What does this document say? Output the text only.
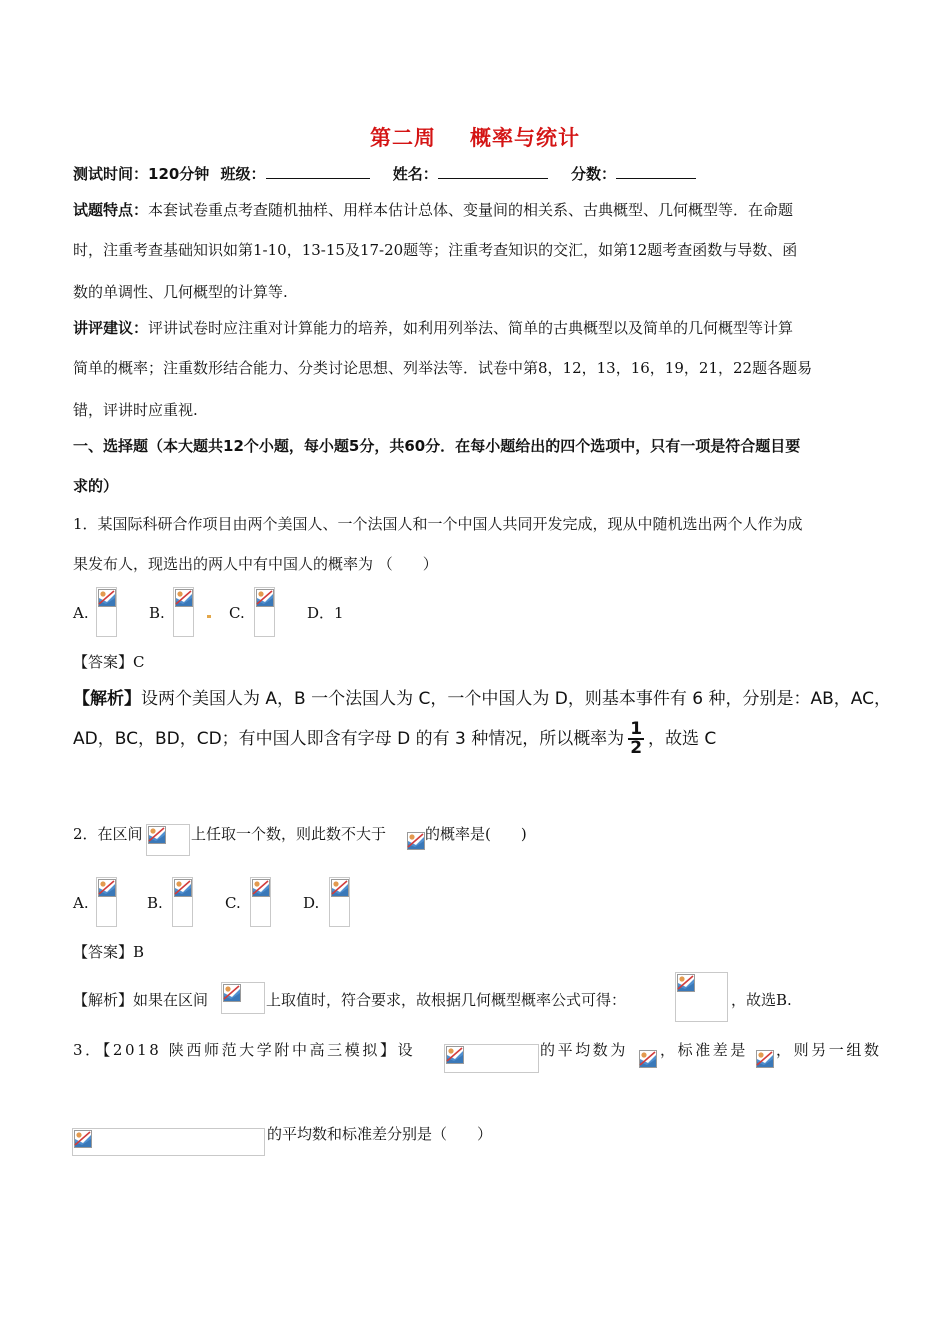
第二周 概率与统计
测试时间：120分钟 班级：	姓名：	分数：
试题特点：本套试卷重点考查随机抽样、用样本估计总体、变量间的相关系、古典概型、几何概型等．在命题
时，注重考查基础知识如第1-10，13-15及17-20题等；注重考查知识的交汇，如第12题考查函数与导数、函
数的单调性、几何概型的计算等.
讲评建议：评讲试卷时应注重对计算能力的培养，如利用列举法、简单的古典概型以及简单的几何概型等计算
简单的概率；注重数形结合能力、分类讨论思想、列举法等．试卷中第8，12，13，16，19，21，22题各题易
错，评讲时应重视.
一、选择题（本大题共12个小题，每小题5分，共60分．在每小题给出的四个选项中，只有一项是符合题目要
求的）
1．某国际科研合作项目由两个美国人、一个法国人和一个中国人共同开发完成，现从中随机选出两个人作为成
果发布人，现选出的两人中有中国人的概率为 （　　）
A.	B.	C.	D．1
【答案】C
【解析】设两个美国人为 A，B 一个法国人为 C，一个中国人为 D，则基本事件有 6 种，分别是：AB，AC，
AD，BC，BD，CD；有中国人即含有字母 D 的有 3 种情况，所以概率为 $\frac{1}{2}$ ，故选 C
2．在区间	上任取一个数，则此数不大于	的概率是(　　)
A.	B.	C.	D.
【答案】B
【解析】如果在区间	上取值时，符合要求，故根据几何概型概率公式可得：	，故选B.
3．【2018 陕西师范大学附中高三模拟】设	的平均数为 ，标准差是 ，则另一组数
的平均数和标准差分别是（　　）
